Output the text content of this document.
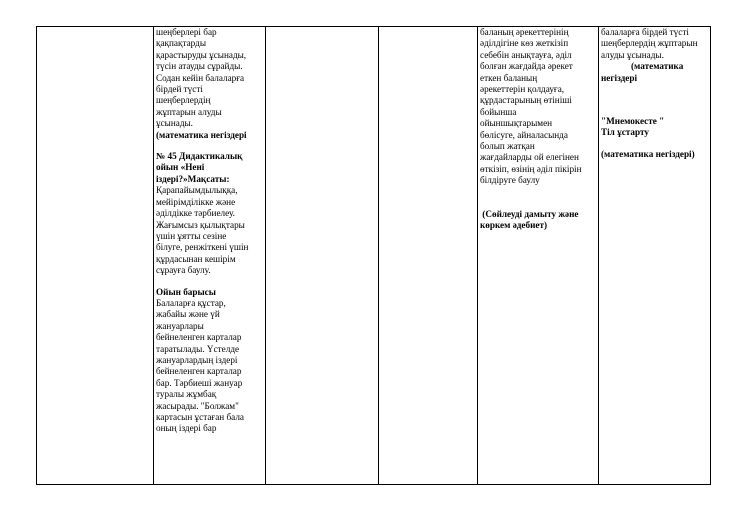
шеңберлері бар

қақпақтарды

қарастыруды ұсынады,

түсін атауды сұрайды.

Содан кейін балаларға

бірдей түсті

шеңберлердің

жұптарын алуды

ұсынады.

(математика негіздері

№ 45 Дидактикалық

ойын «Нені

іздері?»Мақсаты:

Қарапайымдылыққа,

мейірімділікке және

әділдікке тәрбиелеу.

Жағымсыз қылықтары

үшін ұятты сезіне

білуге, ренжіткені үшін

құрдасынан кешірім

сұрауға баулу.

Ойын барысы

Балаларға құстар,

жабайы және үй

жануарлары

бейнеленген карталар

таратылады. Үстелде

жануарлардың іздері

бейнеленген карталар

бар. Тәрбиеші жануар

туралы жұмбақ

жасырады. "Болжам"

картасын ұстаған бала

оның іздері бар

баланың әрекеттерінің

әділдігіне көз жеткізіп

себебін анықтауға, әділ

болған жағдайда әрекет

еткен баланың

әрекеттерін қолдауға,

құрдастарының өтініші

бойынша

ойыншықтарымен

бөлісуге, айналасында

болып жатқан

жағдайларды ой елегінен

өткізіп, өзінің әділ пікірін

білдіруге баулу

(Сөйлеуді дамыту және

көркем әдебиет)

балаларға бірдей түсті

шеңберлердің жұптарын

алуды ұсынады.

(математика

негіздері

"Мнемокесте "

Тіл ұстарту

(математика негіздері)
